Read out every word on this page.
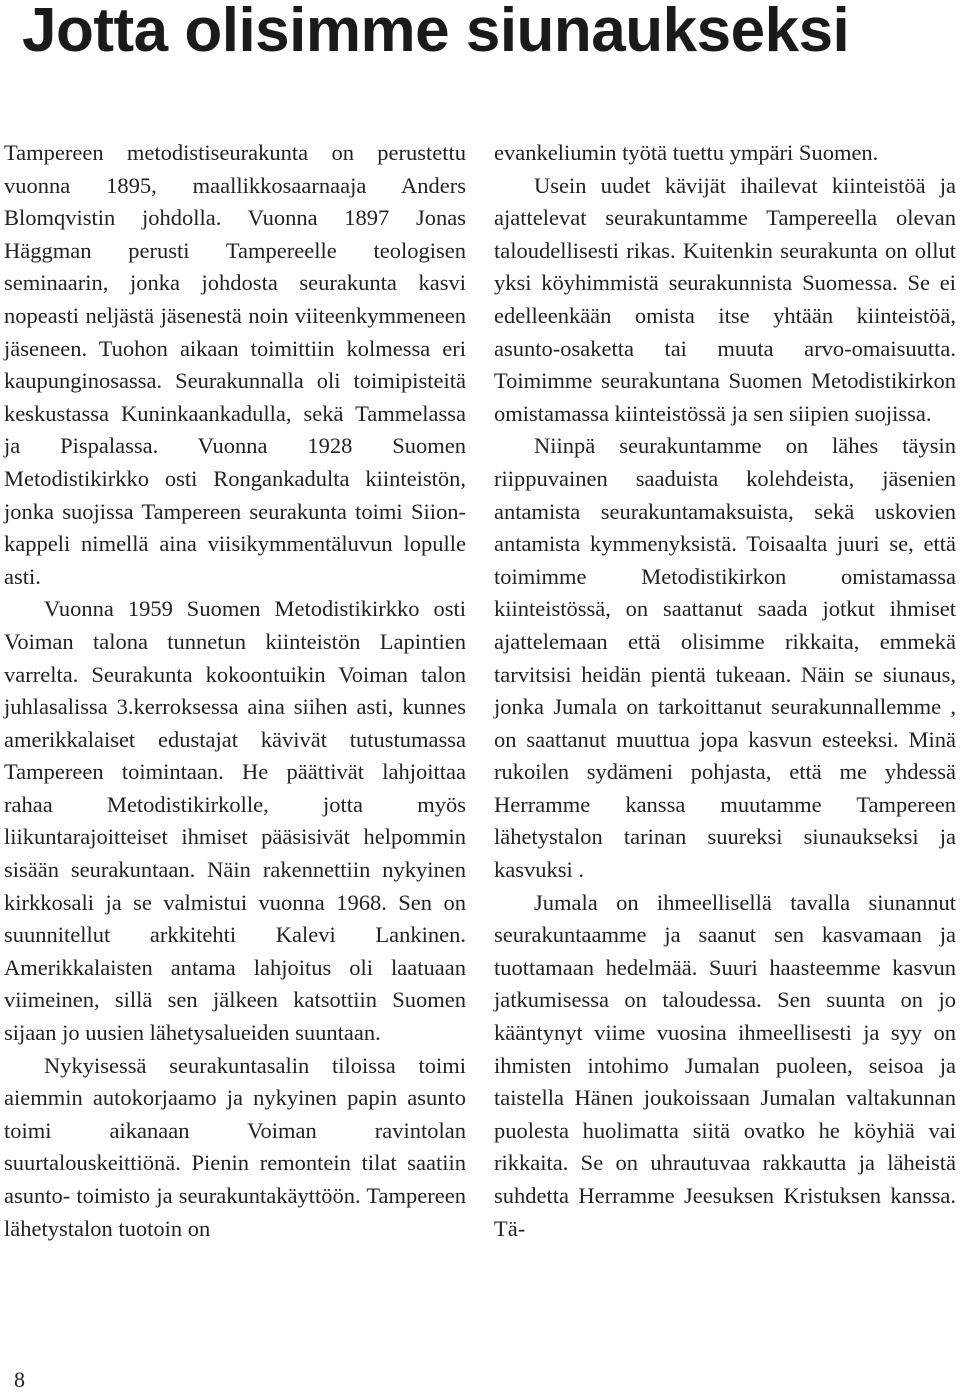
Jotta olisimme siunaukseksi

Tampereen metodistiseurakunta on perustettu vuonna 1895, maallikkosaarnaaja Anders Blomqvistin johdolla. Vuonna 1897 Jonas Häggman perusti Tampereelle teologisen seminaarin, jonka johdosta seurakunta kasvi nopeasti neljästä jäsenestä noin viiteenkymmeneen jäseneen. Tuohon aikaan toimittiin kolmessa eri kaupunginosassa. Seurakunnalla oli toimipisteitä keskustassa Kuninkaankadulla, sekä Tammelassa ja Pispalassa. Vuonna 1928 Suomen Metodistikirkko osti Rongankadulta kiinteistön, jonka suojissa Tampereen seurakunta toimi Siion-kappeli nimellä aina viisikymmentäluvun lopulle asti.

Vuonna 1959 Suomen Metodistikirkko osti Voiman talona tunnetun kiinteistön Lapintien varrelta. Seurakunta kokoontuikin Voiman talon juhlasalissa 3.kerroksessa aina siihen asti, kunnes amerikkalaiset edustajat kävivät tutustumassa Tampereen toimintaan. He päättivät lahjoittaa rahaa Metodistikirkolle, jotta myös liikuntarajoitteiset ihmiset pääsisivät helpommin sisään seurakuntaan. Näin rakennettiin nykyinen kirkkosali ja se valmistui vuonna 1968. Sen on suunnitellut arkkitehti Kalevi Lankinen. Amerikkalaisten antama lahjoitus oli laatuaan viimeinen, sillä sen jälkeen katsottiin Suomen sijaan jo uusien lähetysalueiden suuntaan.

Nykyisessä seurakuntasalin tiloissa toimi aiemmin autokorjaamo ja nykyinen papin asunto toimi aikanaan Voiman ravintolan suurtalouskeittiönä. Pienin remontein tilat saatiin asunto- toimisto ja seurakuntakäyttöön. Tampereen lähetystalon tuotoin on

evankeliumin työtä tuettu ympäri Suomen.

Usein uudet kävijät ihailevat kiinteistöä ja ajattelevat seurakuntamme Tampereella olevan taloudellisesti rikas. Kuitenkin seurakunta on ollut yksi köyhimmistä seurakunnista Suomessa. Se ei edelleenkään omista itse yhtään kiinteistöä, asunto-osaketta tai muuta arvo-omaisuutta. Toimimme seurakuntana Suomen Metodistikirkon omistamassa kiinteistössä ja sen siipien suojissa.

Niinpä seurakuntamme on lähes täysin riippuvainen saaduista kolehdeista, jäsenien antamista seurakuntamaksuista, sekä uskovien antamista kymmenyksistä. Toisaalta juuri se, että toimimme Metodistikirkon omistamassa kiinteistössä, on saattanut saada jotkut ihmiset ajattelemaan että olisimme rikkaita, emmekä tarvitsisi heidän pientä tukeaan. Näin se siunaus, jonka Jumala on tarkoittanut seurakunnallemme , on saattanut muuttua jopa kasvun esteeksi. Minä rukoilen sydämeni pohjasta, että me yhdessä Herramme kanssa muutamme Tampereen lähetystalon tarinan suureksi siunaukseksi ja kasvuksi .

Jumala on ihmeellisellä tavalla siunannut seurakuntaamme ja saanut sen kasvamaan ja tuottamaan hedelmää. Suuri haasteemme kasvun jatkumisessa on taloudessa. Sen suunta on jo kääntynyt viime vuosina ihmeellisesti ja syy on ihmisten intohimo Jumalan puoleen, seisoa ja taistella Hänen joukoissaan Jumalan valtakunnan puolesta huolimatta siitä ovatko he köyhiä vai rikkaita. Se on uhrautuvaa rakkautta ja läheistä suhdetta Herramme Jeesuksen Kristuksen kanssa. Tä-

8
